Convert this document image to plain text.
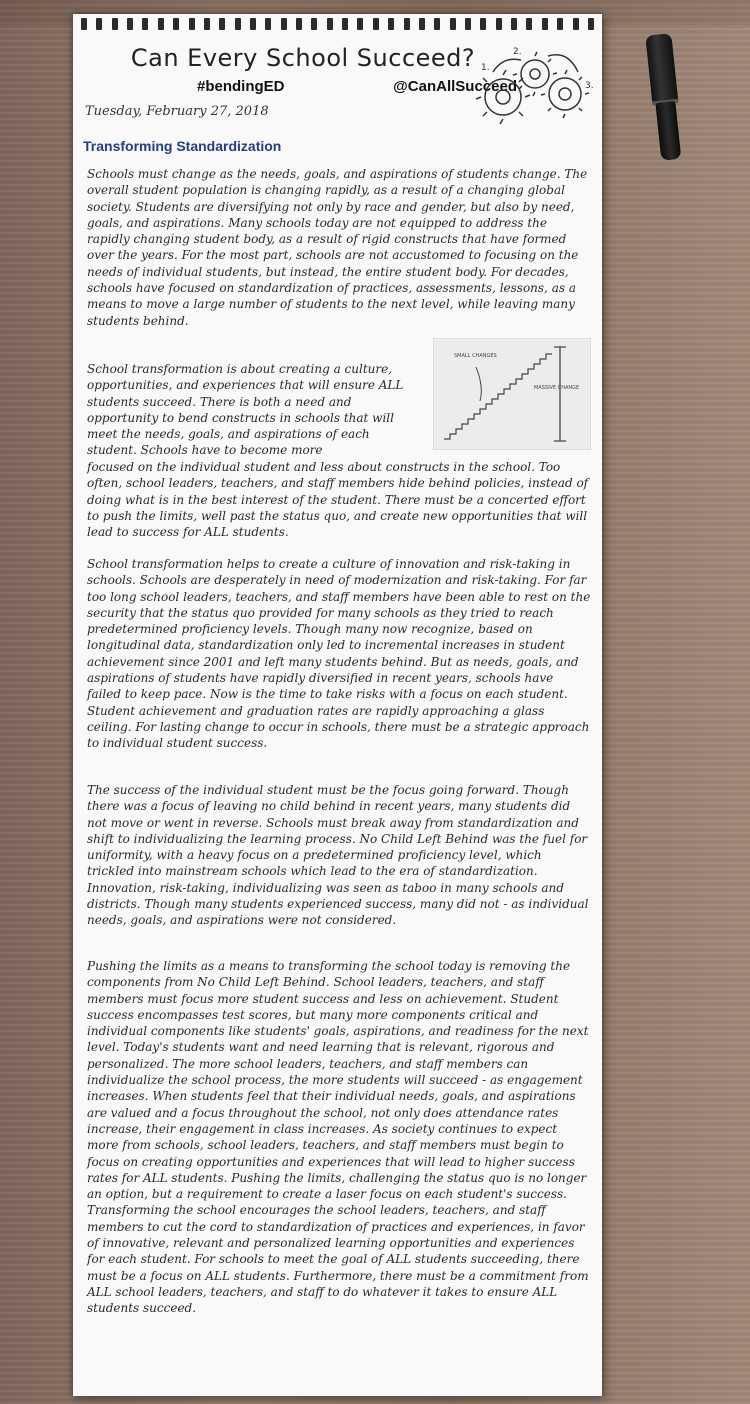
Can Every School Succeed?
#bendingED	@CanAllSucceed
2.
1.
3.
Tuesday, February 27, 2018
Transforming Standardization

Schools must change as the needs, goals, and aspirations of students change. The overall student population is changing rapidly, as a result of a changing global society. Students are diversifying not only by race and gender, but also by need, goals, and aspirations. Many schools today are not equipped to address the rapidly changing student body, as a result of rigid constructs that have formed over the years. For the most part, schools are not accustomed to focusing on the needs of individual students, but instead, the entire student body. For decades, schools have focused on standardization of practices, assessments, lessons, as a means to move a large number of students to the next level, while leaving many students behind.

School transformation is about creating a culture, opportunities, and experiences that will ensure ALL students succeed. There is both a need and opportunity to bend constructs in schools that will meet the needs, goals, and aspirations of each student. Schools have to become more

SMALL CHANGES
MASSIVE CHANGE

focused on the individual student and less about constructs in the school. Too often, school leaders, teachers, and staff members hide behind policies, instead of doing what is in the best interest of the student. There must be a concerted effort to push the limits, well past the status quo, and create new opportunities that will lead to success for ALL students.

School transformation helps to create a culture of innovation and risk-taking in schools. Schools are desperately in need of modernization and risk-taking. For far too long school leaders, teachers, and staff members have been able to rest on the security that the status quo provided for many schools as they tried to reach predetermined proficiency levels. Though many now recognize, based on longitudinal data, standardization only led to incremental increases in student achievement since 2001 and left many students behind. But as needs, goals, and aspirations of students have rapidly diversified in recent years, schools have failed to keep pace. Now is the time to take risks with a focus on each student. Student achievement and graduation rates are rapidly approaching a glass ceiling. For lasting change to occur in schools, there must be a strategic approach to individual student success.

The success of the individual student must be the focus going forward. Though there was a focus of leaving no child behind in recent years, many students did not move or went in reverse. Schools must break away from standardization and shift to individualizing the learning process. No Child Left Behind was the fuel for uniformity, with a heavy focus on a predetermined proficiency level, which trickled into mainstream schools which lead to the era of standardization. Innovation, risk-taking, individualizing was seen as taboo in many schools and districts. Though many students experienced success, many did not - as individual needs, goals, and aspirations were not considered.

Pushing the limits as a means to transforming the school today is removing the components from No Child Left Behind. School leaders, teachers, and staff members must focus more student success and less on achievement. Student success encompasses test scores, but many more components critical and individual components like students' goals, aspirations, and readiness for the next level. Today's students want and need learning that is relevant, rigorous and personalized. The more school leaders, teachers, and staff members can individualize the school process, the more students will succeed - as engagement increases. When students feel that their individual needs, goals, and aspirations are valued and a focus throughout the school, not only does attendance rates increase, their engagement in class increases. As society continues to expect more from schools, school leaders, teachers, and staff members must begin to focus on creating opportunities and experiences that will lead to higher success rates for ALL students. Pushing the limits, challenging the status quo is no longer an option, but a requirement to create a laser focus on each student's success. Transforming the school encourages the school leaders, teachers, and staff members to cut the cord to standardization of practices and experiences, in favor of innovative, relevant and personalized learning opportunities and experiences for each student. For schools to meet the goal of ALL students succeeding, there must be a focus on ALL students. Furthermore, there must be a commitment from ALL school leaders, teachers, and staff to do whatever it takes to ensure ALL students succeed.
